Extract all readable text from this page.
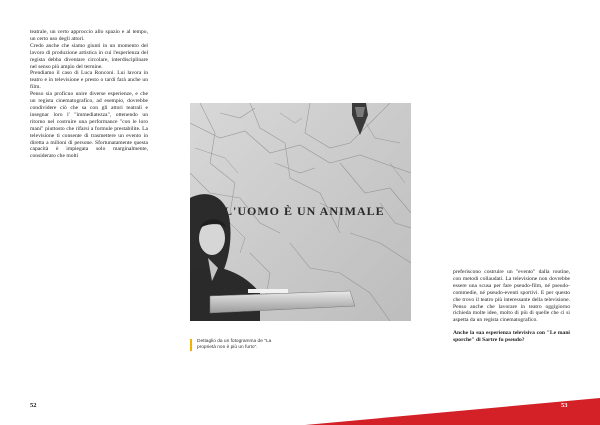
teatrale, un certo approccio allo spazio e al tempo, un certo uso degli attori.

Credo anche che siamo giunti in un momento del lavoro di produzione artistica in cui l'esperienza del regista debba diventare circolare, interdisciplinare nel senso più ampio del termine.

Prendiamo il caso di Luca Ronconi. Lui lavora in teatro e in televisione e presto o tardi farà anche un film.

Penso sia proficuo unire diverse esperienze, e che un regista cinematografico, ad esempio, dovrebbe condividere ciò che sa con gli attori teatrali e insegnar loro l' "immediatezza", ottenendo un ritorno nel costruire una performance "con le loro mani" piuttosto che rifarsi a formule prestabilite. La televisione ti consente di trasmettere un evento in diretta a milioni di persone. Sfortunatamente questa capacità è impiegata solo marginalmente, considerato che molti

L'UOMO È UN ANIMALE
Dettaglio da un fotogramma de "La proprietà non è più un furto".

preferiscono costruire un "evento" dalla routine, con metodi collaudati. La televisione non dovrebbe essere una scusa per fare pseudo-film, né pseudo-commedie, né pseudo-eventi sportivi. E per questo che trovo il teatro più interessante della televisione. Penso anche che lavorare in teatro oggigiorno richieda molte idee, molto di più di quelle che ci si aspetta da un regista cinematografico.

Anche la sua esperienza televisiva con "Le mani sporche" di Sartre fu pseudo?

52	53
